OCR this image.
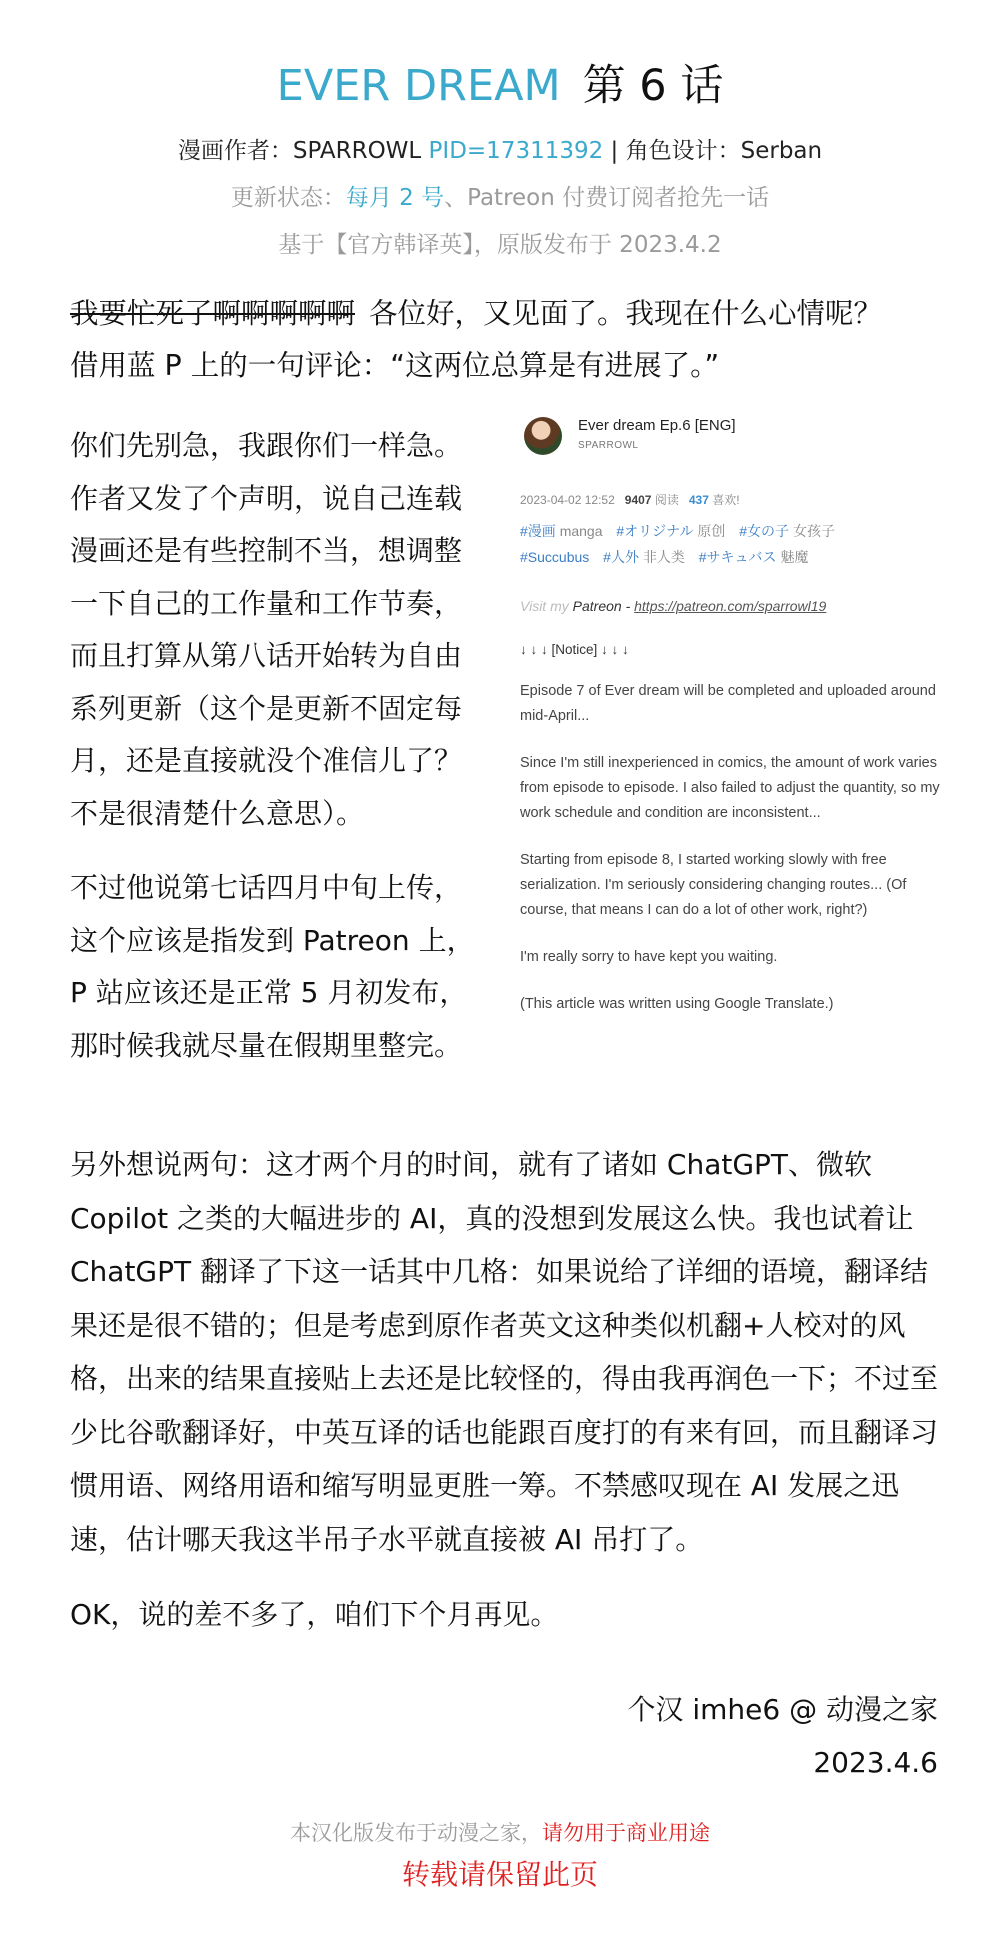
EVER DREAM 第 6 话
漫画作者：SPARROWL PID=17311392 | 角色设计：Serban
更新状态：每月 2 号、Patreon 付费订阅者抢先一话
基于【官方韩译英】，原版发布于 2023.4.2
我要忙死了啊啊啊啊啊 各位好，又见面了。我现在什么心情呢？
借用蓝 P 上的一句评论：“这两位总算是有进展了。”

你们先别急，我跟你们一样急。作者又发了个声明，说自己连载漫画还是有些控制不当，想调整一下自己的工作量和工作节奏，而且打算从第八话开始转为自由系列更新（这个是更新不固定每月，还是直接就没个准信儿了？不是很清楚什么意思）。

不过他说第七话四月中旬上传，这个应该是指发到 Patreon 上，P 站应该还是正常 5 月初发布，那时候我就尽量在假期里整完。

Ever dream Ep.6 [ENG]
SPARROWL
2023-04-02 12:52 9407 阅读 437 喜欢!
#漫画 manga #オリジナル 原创 #女の子 女孩子
#Succubus #人外 非人类 #サキュバス 魅魔
Visit my Patreon - https://patreon.com/sparrowl19
↓ ↓ ↓ [Notice] ↓ ↓ ↓
Episode 7 of Ever dream will be completed and uploaded around mid-April...
Since I'm still inexperienced in comics, the amount of work varies from episode to episode. I also failed to adjust the quantity, so my work schedule and condition are inconsistent...
Starting from episode 8, I started working slowly with free serialization. I'm seriously considering changing routes... (Of course, that means I can do a lot of other work, right?)
I'm really sorry to have kept you waiting.
(This article was written using Google Translate.)

另外想说两句：这才两个月的时间，就有了诸如 ChatGPT、微软 Copilot 之类的大幅进步的 AI，真的没想到发展这么快。我也试着让 ChatGPT 翻译了下这一话其中几格：如果说给了详细的语境，翻译结果还是很不错的；但是考虑到原作者英文这种类似机翻+人校对的风格，出来的结果直接贴上去还是比较怪的，得由我再润色一下；不过至少比谷歌翻译好，中英互译的话也能跟百度打的有来有回，而且翻译习惯用语、网络用语和缩写明显更胜一筹。不禁感叹现在 AI 发展之迅速，估计哪天我这半吊子水平就直接被 AI 吊打了。

OK，说的差不多了，咱们下个月再见。

个汉 imhe6 @ 动漫之家
2023.4.6
本汉化版发布于动漫之家，请勿用于商业用途
转载请保留此页
